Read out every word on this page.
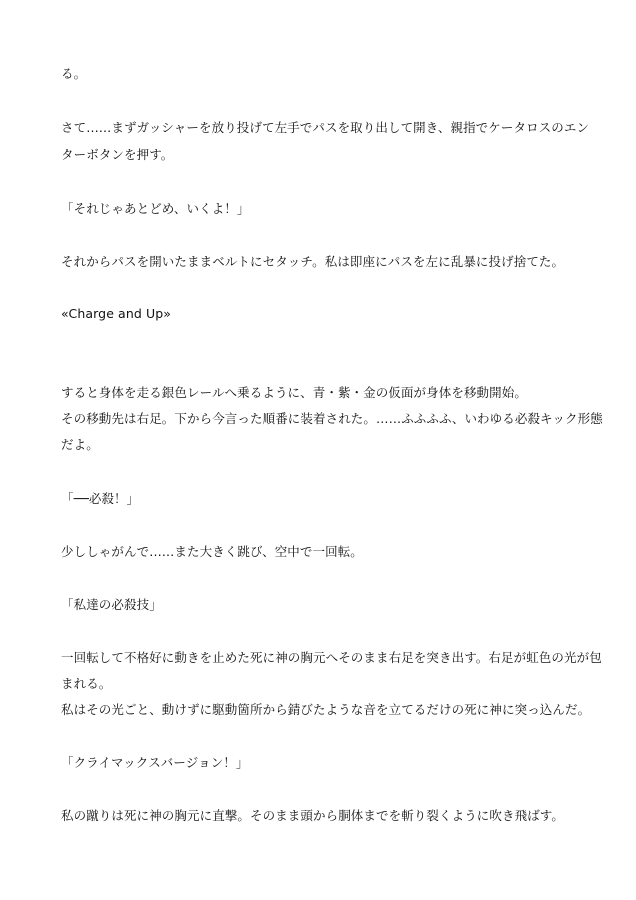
る。
さて……まずガッシャーを放り投げて左手でパスを取り出して開き、親指でケータロスのエン
ターボタンを押す。
「それじゃあとどめ、いくよ！」
それからパスを開いたままベルトにセタッチ。私は即座にパスを左に乱暴に投げ捨てた。
«Charge and Up»
すると身体を走る銀色レールへ乗るように、青・紫・金の仮面が身体を移動開始。
その移動先は右足。下から今言った順番に装着された。……ふふふふ、いわゆる必殺キック形態
だよ。
「──必殺！」
少ししゃがんで……また大きく跳び、空中で一回転。
「私達の必殺技」
一回転して不格好に動きを止めた死に神の胸元へそのまま右足を突き出す。右足が虹色の光が包
まれる。
私はその光ごと、動けずに駆動箇所から錆びたような音を立てるだけの死に神に突っ込んだ。
「クライマックスバージョン！」
私の蹴りは死に神の胸元に直撃。そのまま頭から胴体までを斬り裂くように吹き飛ばす。
